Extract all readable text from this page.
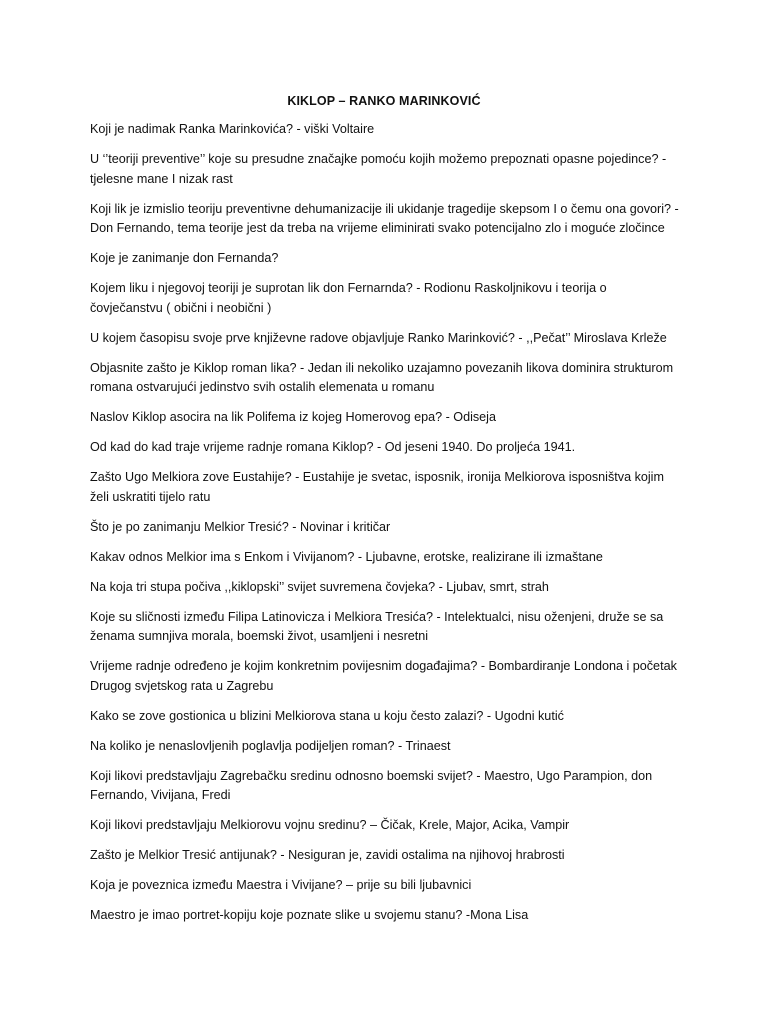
KIKLOP – RANKO MARINKOVIĆ

Koji je nadimak Ranka Marinkovića? - viški Voltaire

U ‘’teoriji preventive’’ koje su presudne značajke pomoću kojih možemo prepoznati opasne pojedince? - tjelesne mane I nizak rast

Koji lik je izmislio teoriju preventivne dehumanizacije ili ukidanje tragedije skepsom I o čemu ona govori? - Don Fernando, tema teorije jest da treba na vrijeme eliminirati svako potencijalno zlo i moguće zločince

Koje je zanimanje don Fernanda?

Kojem liku i njegovoj teoriji je suprotan lik don Fernarnda? - Rodionu Raskoljnikovu i teorija o čovječanstvu ( obični i neobični )

U kojem časopisu svoje prve književne radove objavljuje Ranko Marinković? - ,,Pečat’’ Miroslava Krleže

Objasnite zašto je Kiklop roman lika? - Jedan ili nekoliko uzajamno povezanih likova dominira strukturom romana ostvarujući jedinstvo svih ostalih elemenata u romanu

Naslov Kiklop asocira na lik Polifema iz kojeg Homerovog epa? - Odiseja

Od kad do kad traje vrijeme radnje romana Kiklop? - Od jeseni 1940. Do proljeća 1941.

Zašto Ugo Melkiora zove Eustahije? - Eustahije je svetac, isposnik, ironija Melkiorova isposništva kojim želi uskratiti tijelo ratu

Što je po zanimanju Melkior Tresić? - Novinar i kritičar

Kakav odnos Melkior ima s Enkom i Vivijanom? - Ljubavne, erotske, realizirane ili izmaštane

Na koja tri stupa počiva ,,kiklopski’’ svijet suvremena čovjeka? - Ljubav, smrt, strah

Koje su sličnosti između Filipa Latinovicza i Melkiora Tresića? - Intelektualci, nisu oženjeni, druže se sa ženama sumnjiva morala, boemski život, usamljeni i nesretni

Vrijeme radnje određeno je kojim konkretnim povijesnim događajima? - Bombardiranje Londona i početak Drugog svjetskog rata u Zagrebu

Kako se zove gostionica u blizini Melkiorova stana u koju često zalazi? - Ugodni kutić

Na koliko je nenaslovljenih poglavlja podijeljen roman? - Trinaest

Koji likovi predstavljaju Zagrebačku sredinu odnosno boemski svijet? - Maestro, Ugo Parampion, don Fernando, Vivijana, Fredi

Koji likovi predstavljaju Melkiorovu vojnu sredinu? – Čičak, Krele, Major, Acika, Vampir

Zašto je Melkior Tresić antijunak? - Nesiguran je, zavidi ostalima na njihovoj hrabrosti

Koja je poveznica između Maestra i Vivijane? – prije su bili ljubavnici

Maestro je imao portret-kopiju koje poznate slike u svojemu stanu? -Mona Lisa
